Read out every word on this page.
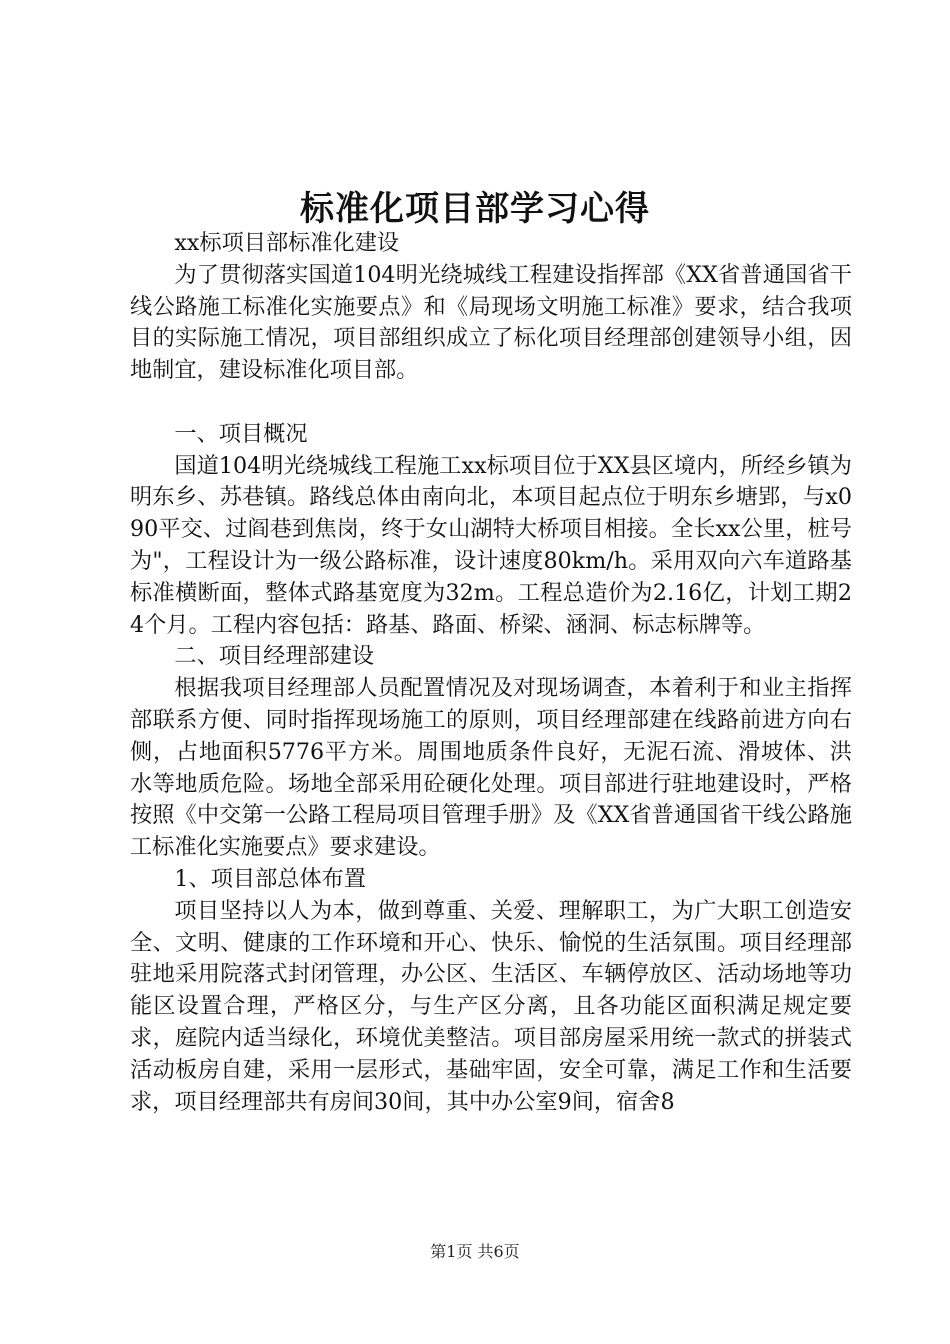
标准化项目部学习心得

xx标项目部标准化建设

为了贯彻落实国道104明光绕城线工程建设指挥部《XX省普通国省干线公路施工标准化实施要点》和《局现场文明施工标准》要求，结合我项目的实际施工情况，项目部组织成立了标化项目经理部创建领导小组，因地制宜，建设标准化项目部。

一、项目概况

国道104明光绕城线工程施工xx标项目位于XX县区境内，所经乡镇为明东乡、苏巷镇。路线总体由南向北，本项目起点位于明东乡塘郢，与x090平交、过阎巷到焦岗，终于女山湖特大桥项目相接。全长xx公里，桩号为"，工程设计为一级公路标准，设计速度80km/h。采用双向六车道路基标准横断面，整体式路基宽度为32m。工程总造价为2.16亿，计划工期24个月。工程内容包括：路基、路面、桥梁、涵洞、标志标牌等。

二、项目经理部建设

根据我项目经理部人员配置情况及对现场调查，本着利于和业主指挥部联系方便、同时指挥现场施工的原则，项目经理部建在线路前进方向右侧，占地面积5776平方米。周围地质条件良好，无泥石流、滑坡体、洪水等地质危险。场地全部采用砼硬化处理。项目部进行驻地建设时，严格按照《中交第一公路工程局项目管理手册》及《XX省普通国省干线公路施工标准化实施要点》要求建设。

1、项目部总体布置

项目坚持以人为本，做到尊重、关爱、理解职工，为广大职工创造安全、文明、健康的工作环境和开心、快乐、愉悦的生活氛围。项目经理部驻地采用院落式封闭管理，办公区、生活区、车辆停放区、活动场地等功能区设置合理，严格区分，与生产区分离，且各功能区面积满足规定要求，庭院内适当绿化，环境优美整洁。项目部房屋采用统一款式的拼装式活动板房自建，采用一层形式，基础牢固，安全可靠，满足工作和生活要求，项目经理部共有房间30间，其中办公室9间，宿舍8

第1页 共6页
